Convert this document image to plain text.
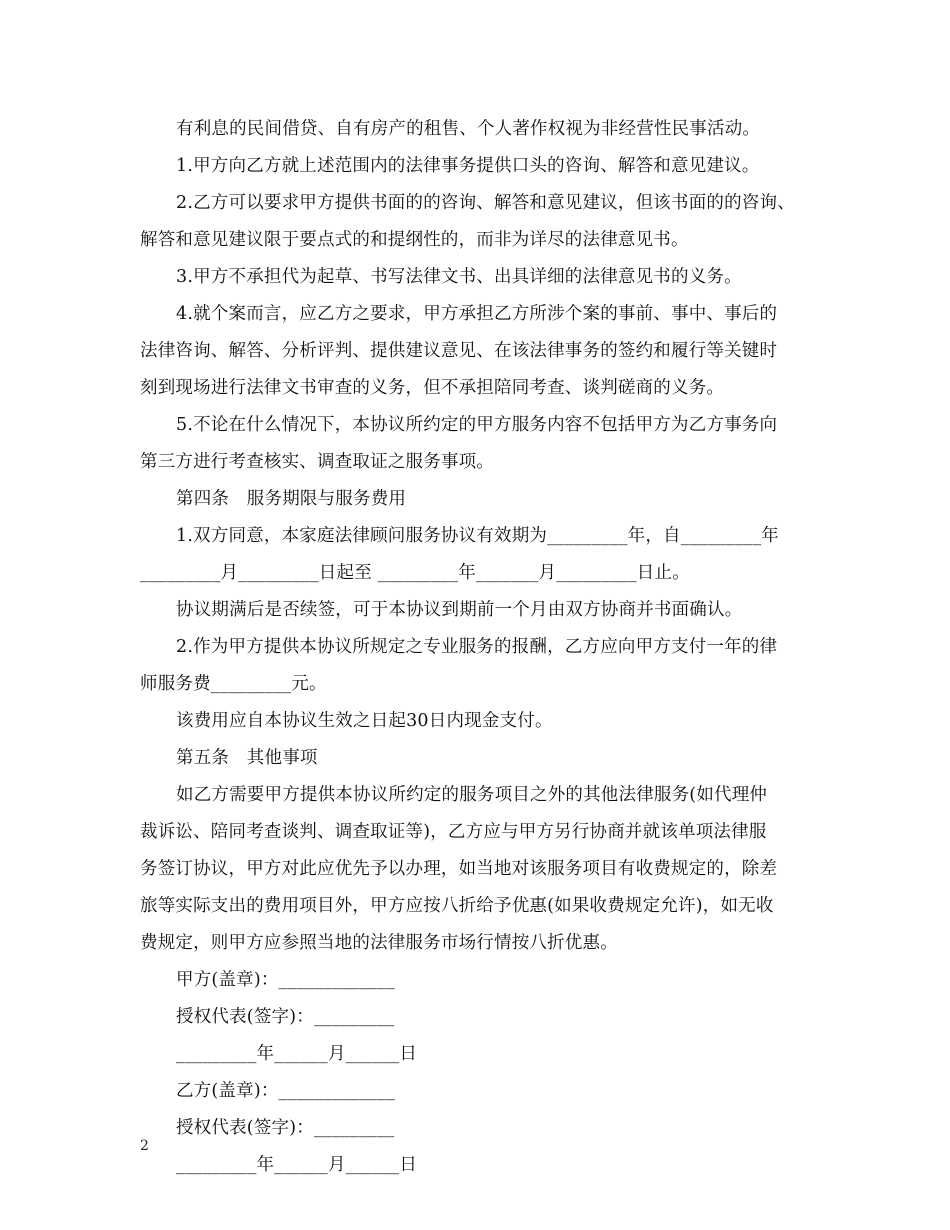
有利息的民间借贷、自有房产的租售、个人著作权视为非经营性民事活动。
1.甲方向乙方就上述范围内的法律事务提供口头的咨询、解答和意见建议。
2.乙方可以要求甲方提供书面的的咨询、解答和意见建议，但该书面的的咨询、
解答和意见建议限于要点式的和提纲性的，而非为详尽的法律意见书。
3.甲方不承担代为起草、书写法律文书、出具详细的法律意见书的义务。
4.就个案而言，应乙方之要求，甲方承担乙方所涉个案的事前、事中、事后的
法律咨询、解答、分析评判、提供建议意见、在该法律事务的签约和履行等关键时
刻到现场进行法律文书审查的义务，但不承担陪同考查、谈判磋商的义务。
5.不论在什么情况下，本协议所约定的甲方服务内容不包括甲方为乙方事务向
第三方进行考查核实、调查取证之服务事项。
第四条　服务期限与服务费用
1.双方同意，本家庭法律顾问服务协议有效期为_________年，自_________年
_________月_________日起至 _________年_______月_________日止。
协议期满后是否续签，可于本协议到期前一个月由双方协商并书面确认。
2.作为甲方提供本协议所规定之专业服务的报酬，乙方应向甲方支付一年的律
师服务费_________元。
该费用应自本协议生效之日起30日内现金支付。
第五条　其他事项
如乙方需要甲方提供本协议所约定的服务项目之外的其他法律服务(如代理仲
裁诉讼、陪同考查谈判、调查取证等)，乙方应与甲方另行协商并就该单项法律服
务签订协议，甲方对此应优先予以办理，如当地对该服务项目有收费规定的，除差
旅等实际支出的费用项目外，甲方应按八折给予优惠(如果收费规定允许)，如无收
费规定，则甲方应参照当地的法律服务市场行情按八折优惠。
甲方(盖章)：_____________
授权代表(签字)：_________
_________年______月______日
乙方(盖章)：_____________
授权代表(签字)：_________
_________年______月______日
2
